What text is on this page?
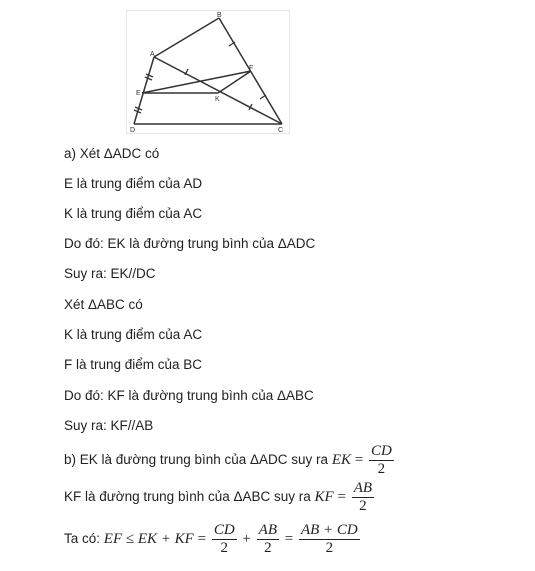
A
B
C
D
E
F
K
a) Xét ΔADC có
E là trung điểm của AD
K là trung điểm của AC
Do đó: EK là đường trung bình của ΔADC
Suy ra: EK//DC
Xét ΔABC có
K là trung điểm của AC
F là trung điểm của BC
Do đó: KF là đường trung bình của ΔABC
Suy ra: KF//AB
b) EK là đường trung bình của ΔADC suy ra EK = $\frac{CD}{2}$
KF là đường trung bình của ΔABC suy ra KF = $\frac{AB}{2}$
Ta có: EF ≤ EK + KF = $\frac{CD}{2} + \frac{AB}{2} = \frac{AB + CD}{2}$
